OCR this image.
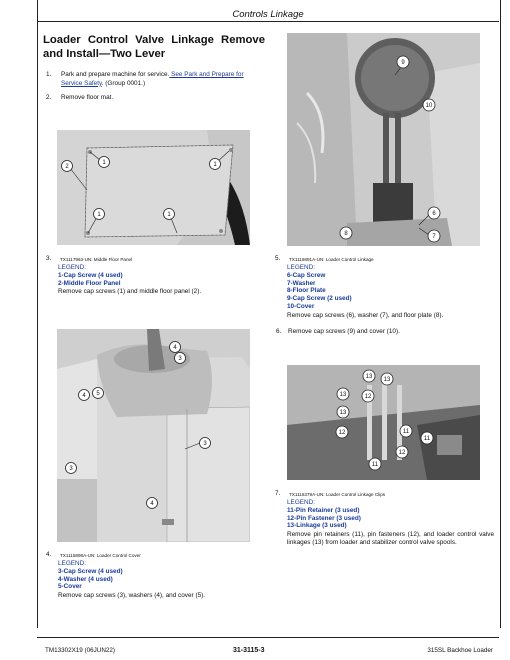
Controls Linkage
Loader Control Valve Linkage Remove and Install—Two Lever
1. Park and prepare machine for service. See Park and Prepare for Service Safety. (Group 0001.)
2. Remove floor mat.
2
1
1	1
1
3. TX1117963-UN: Middle Floor Panel
LEGEND:
1-Cap Screw (4 used)
2-Middle Floor Panel
Remove cap screws (1) and middle floor panel (2).
4
3
4 5
3
3
4
4. TX1115898A-UN: Loader Control Cover
LEGEND:
3-Cap Screw (4 used)
4-Washer (4 used)
5-Cover
Remove cap screws (3), washers (4), and cover (5).
9
10
6
8	7
5. TX1116891A-UN: Loader Control Linkage
LEGEND:
6-Cap Screw
7-Washer
8-Floor Plate
9-Cap Screw (2 used)
10-Cover
Remove cap screws (6), washer (7), and floor plate (8).
6. Remove cap screws (9) and cover (10).
13 13
12
13
13
12
12
11
11
11
7. TX1116379A-UN: Loader Control Linkage Clips
LEGEND:
11-Pin Retainer (3 used)
12-Pin Fastener (3 used)
13-Linkage (3 used)
Remove pin retainers (11), pin fasteners (12), and loader control valve linkages (13) from loader and stabilizer control valve spools.
TM13302X19 (06JUN22)	31-3115-3	315SL Backhoe Loader
